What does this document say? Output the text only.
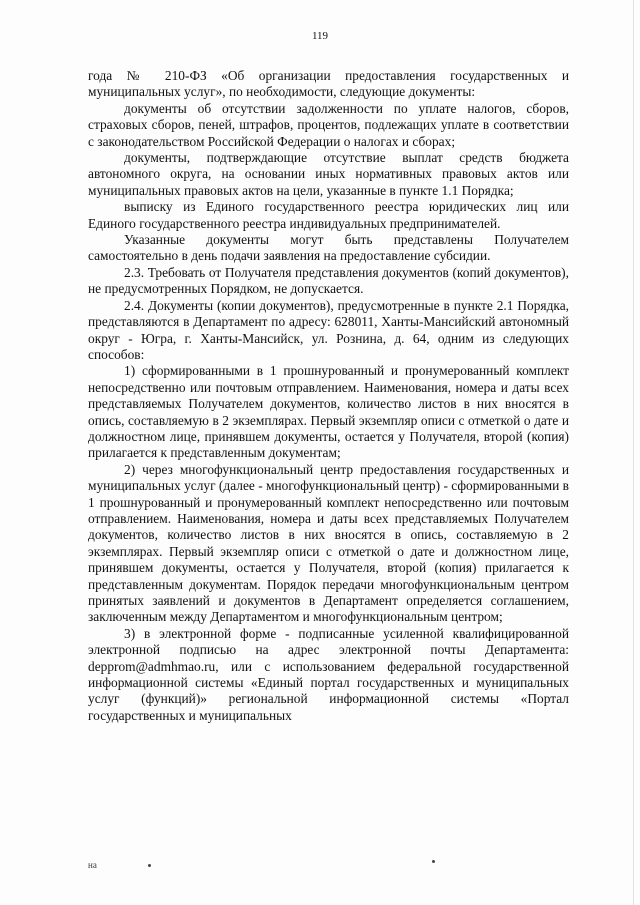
119

года № 210-ФЗ «Об организации предоставления государственных и муниципальных услуг», по необходимости, следующие документы:

документы об отсутствии задолженности по уплате налогов, сборов, страховых сборов, пеней, штрафов, процентов, подлежащих уплате в соответствии с законодательством Российской Федерации о налогах и сборах;

документы, подтверждающие отсутствие выплат средств бюджета автономного округа, на основании иных нормативных правовых актов или муниципальных правовых актов на цели, указанные в пункте 1.1 Порядка;

выписку из Единого государственного реестра юридических лиц или Единого государственного реестра индивидуальных предпринимателей.

Указанные документы могут быть представлены Получателем самостоятельно в день подачи заявления на предоставление субсидии.

2.3. Требовать от Получателя представления документов (копий документов), не предусмотренных Порядком, не допускается.

2.4. Документы (копии документов), предусмотренные в пункте 2.1 Порядка, представляются в Департамент по адресу: 628011, Ханты-Мансийский автономный округ - Югра, г. Ханты-Мансийск, ул. Рознина, д. 64, одним из следующих способов:

1) сформированными в 1 прошнурованный и пронумерованный комплект непосредственно или почтовым отправлением. Наименования, номера и даты всех представляемых Получателем документов, количество листов в них вносятся в опись, составляемую в 2 экземплярах. Первый экземпляр описи с отметкой о дате и должностном лице, принявшем документы, остается у Получателя, второй (копия) прилагается к представленным документам;

2) через многофункциональный центр предоставления государственных и муниципальных услуг (далее - многофункциональный центр) - сформированными в 1 прошнурованный и пронумерованный комплект непосредственно или почтовым отправлением. Наименования, номера и даты всех представляемых Получателем документов, количество листов в них вносятся в опись, составляемую в 2 экземплярах. Первый экземпляр описи с отметкой о дате и должностном лице, принявшем документы, остается у Получателя, второй (копия) прилагается к представленным документам. Порядок передачи многофункциональным центром принятых заявлений и документов в Департамент определяется соглашением, заключенным между Департаментом и многофункциональным центром;

3) в электронной форме - подписанные усиленной квалифицированной электронной подписью на адрес электронной почты Департамента: depprom@admhmao.ru, или с использованием федеральной государственной информационной системы «Единый портал государственных и муниципальных услуг (функций)» региональной информационной системы «Портал государственных и муниципальных

на
